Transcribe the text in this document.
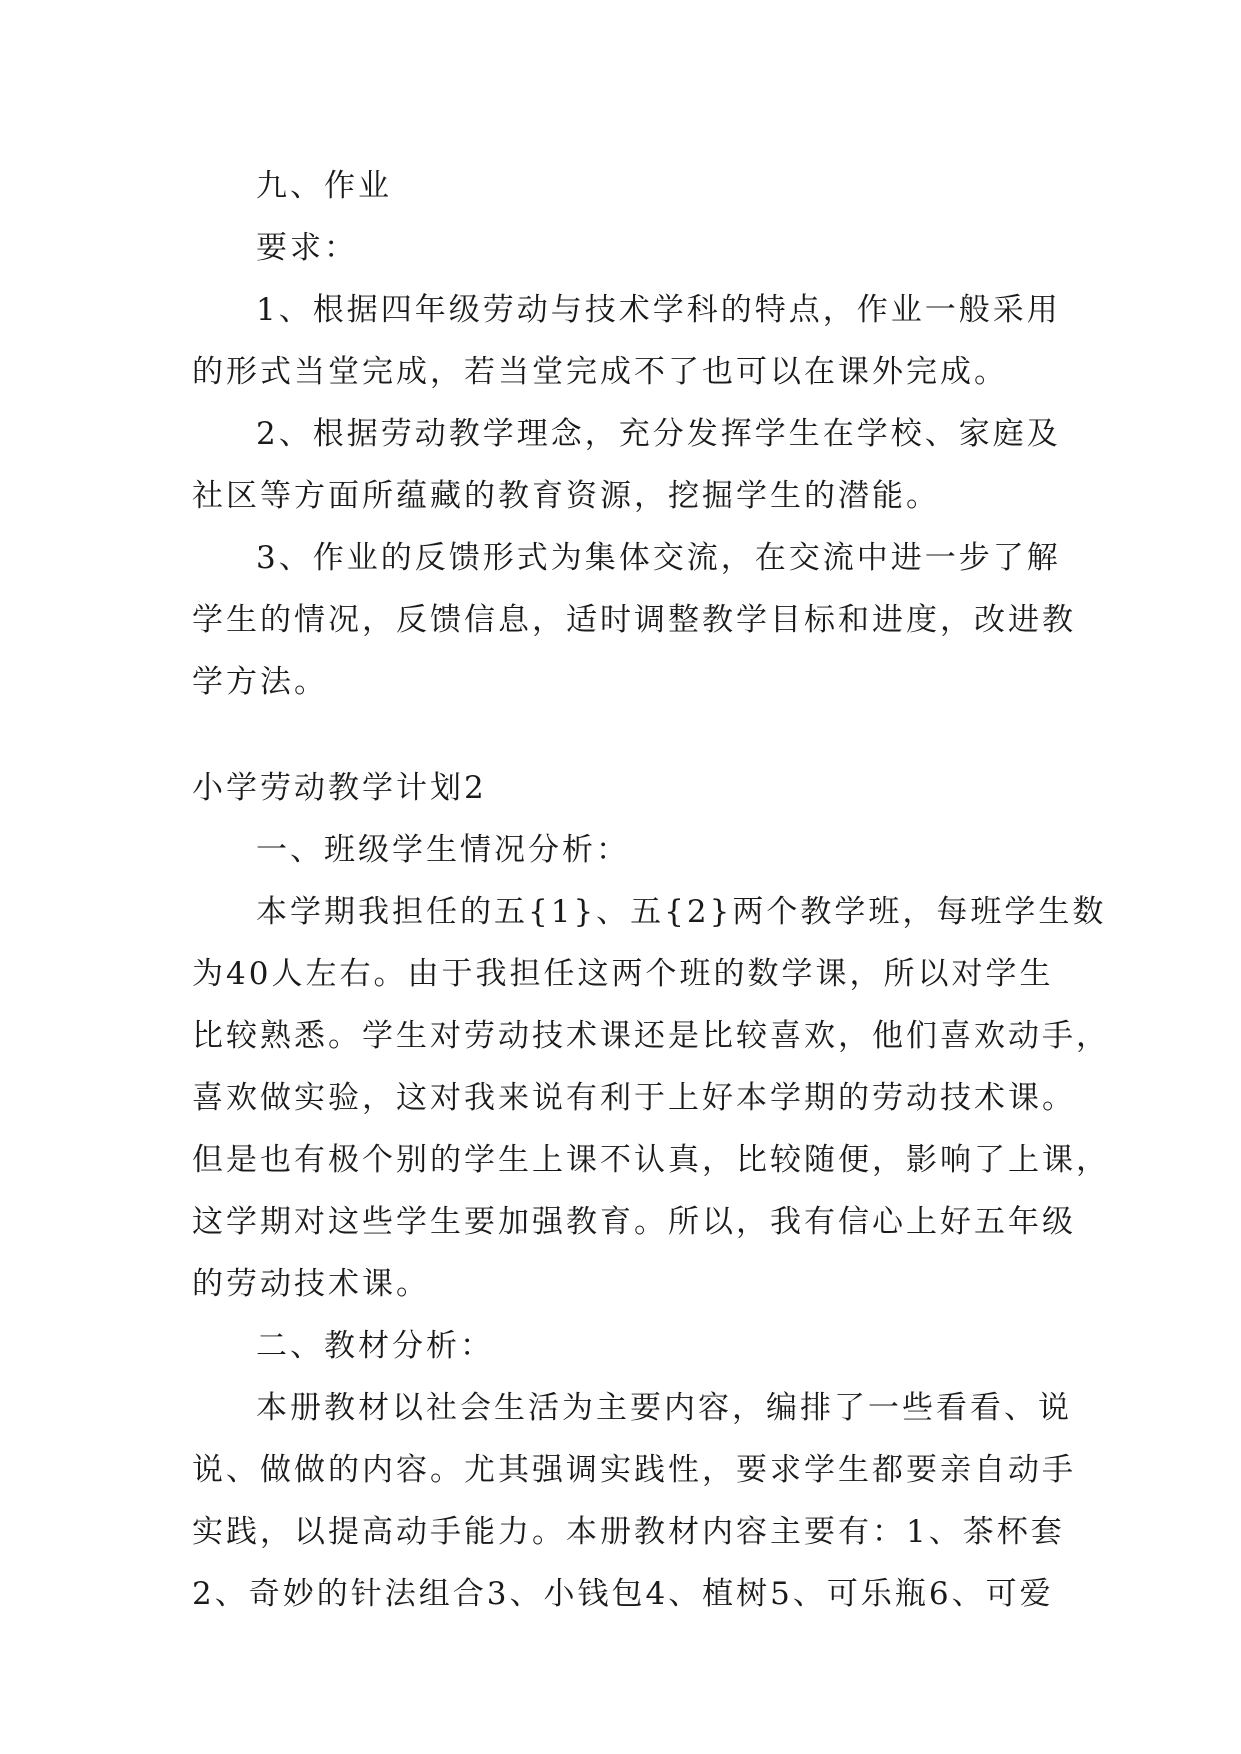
九、作业
要求：
1、根据四年级劳动与技术学科的特点，作业一般采用
的形式当堂完成，若当堂完成不了也可以在课外完成。
2、根据劳动教学理念，充分发挥学生在学校、家庭及
社区等方面所蕴藏的教育资源，挖掘学生的潜能。
3、作业的反馈形式为集体交流，在交流中进一步了解
学生的情况，反馈信息，适时调整教学目标和进度，改进教
学方法。
小学劳动教学计划2
一、班级学生情况分析：
本学期我担任的五{1}、五{2}两个教学班，每班学生数
为40人左右。由于我担任这两个班的数学课，所以对学生
比较熟悉。学生对劳动技术课还是比较喜欢，他们喜欢动手，
喜欢做实验，这对我来说有利于上好本学期的劳动技术课。
但是也有极个别的学生上课不认真，比较随便，影响了上课，
这学期对这些学生要加强教育。所以，我有信心上好五年级
的劳动技术课。
二、教材分析：
本册教材以社会生活为主要内容，编排了一些看看、说
说、做做的内容。尤其强调实践性，要求学生都要亲自动手
实践，以提高动手能力。本册教材内容主要有：1、茶杯套
2、奇妙的针法组合3、小钱包4、植树5、可乐瓶6、可爱
